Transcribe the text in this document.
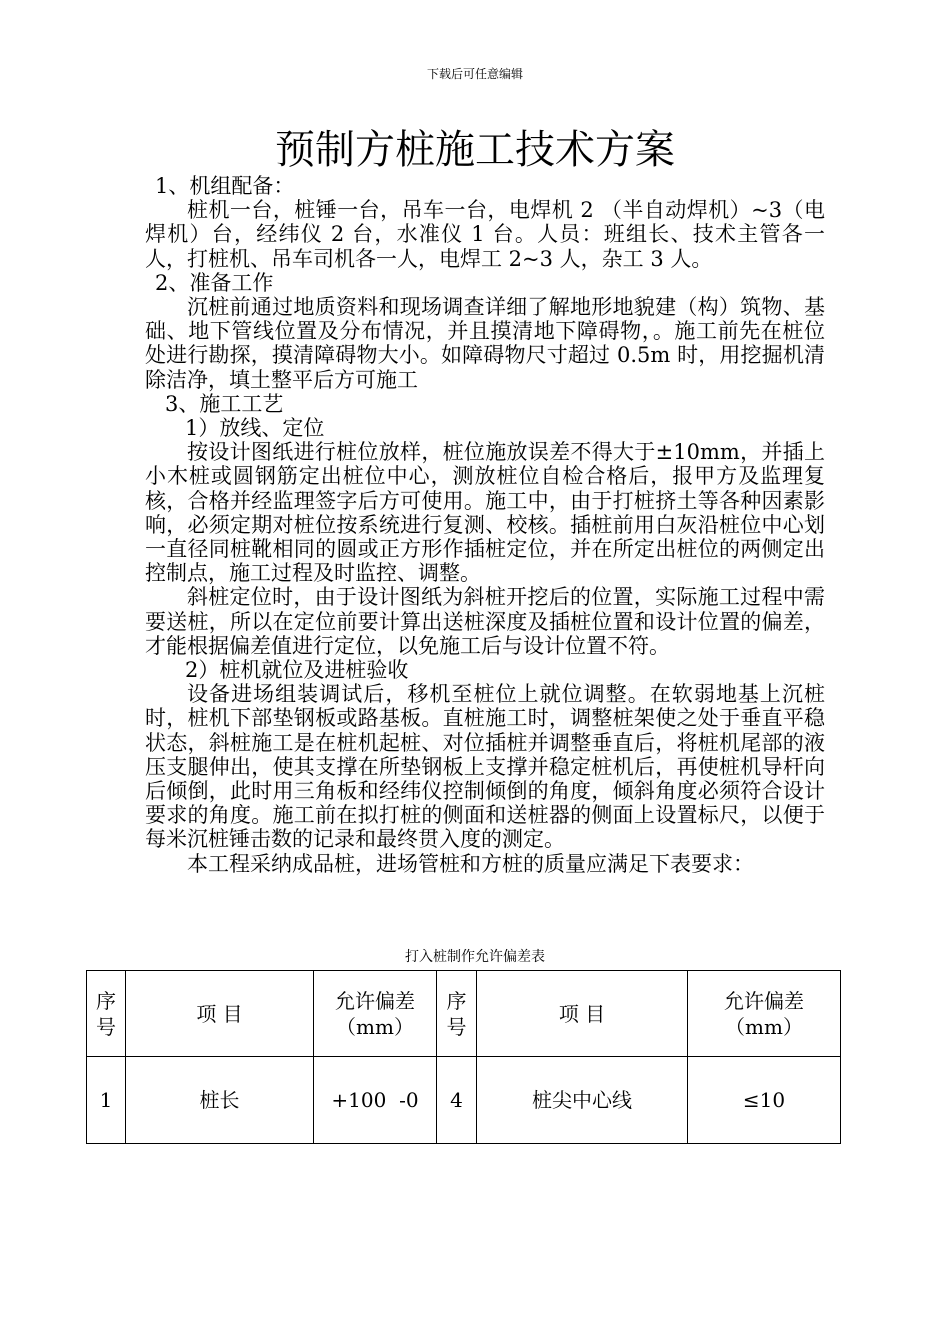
下载后可任意编辑
预制方桩施工技术方案

1、机组配备：

桩机一台，桩锤一台，吊车一台，电焊机 2 （半自动焊机）~3（电焊机）台，经纬仪 2 台，水准仪 1 台。人员：班组长、技术主管各一人，打桩机、吊车司机各一人，电焊工 2~3 人，杂工 3 人。

2、准备工作

沉桩前通过地质资料和现场调查详细了解地形地貌建（构）筑物、基础、地下管线位置及分布情况，并且摸清地下障碍物，。施工前先在桩位处进行勘探，摸清障碍物大小。如障碍物尺寸超过 0.5m 时，用挖掘机清除洁净，填土整平后方可施工

3、施工工艺

1）放线、定位

按设计图纸进行桩位放样，桩位施放误差不得大于±10mm，并插上小木桩或圆钢筋定出桩位中心，测放桩位自检合格后，报甲方及监理复核，合格并经监理签字后方可使用。施工中，由于打桩挤土等各种因素影响，必须定期对桩位按系统进行复测、校核。插桩前用白灰沿桩位中心划一直径同桩靴相同的圆或正方形作插桩定位，并在所定出桩位的两侧定出控制点，施工过程及时监控、调整。

斜桩定位时，由于设计图纸为斜桩开挖后的位置，实际施工过程中需要送桩，所以在定位前要计算出送桩深度及插桩位置和设计位置的偏差，才能根据偏差值进行定位，以免施工后与设计位置不符。

2）桩机就位及进桩验收

设备进场组装调试后，移机至桩位上就位调整。在软弱地基上沉桩时，桩机下部垫钢板或路基板。直桩施工时，调整桩架使之处于垂直平稳状态，斜桩施工是在桩机起桩、对位插桩并调整垂直后，将桩机尾部的液压支腿伸出，使其支撑在所垫钢板上支撑并稳定桩机后，再使桩机导杆向后倾倒，此时用三角板和经纬仪控制倾倒的角度，倾斜角度必须符合设计要求的角度。施工前在拟打桩的侧面和送桩器的侧面上设置标尺，以便于每米沉桩锤击数的记录和最终贯入度的测定。

本工程采纳成品桩，进场管桩和方桩的质量应满足下表要求：

打入桩制作允许偏差表
序号	项 目	允许偏差（mm）	序号	项 目	允许偏差（mm）
1	桩长	+100  -0	4	桩尖中心线	≤10
